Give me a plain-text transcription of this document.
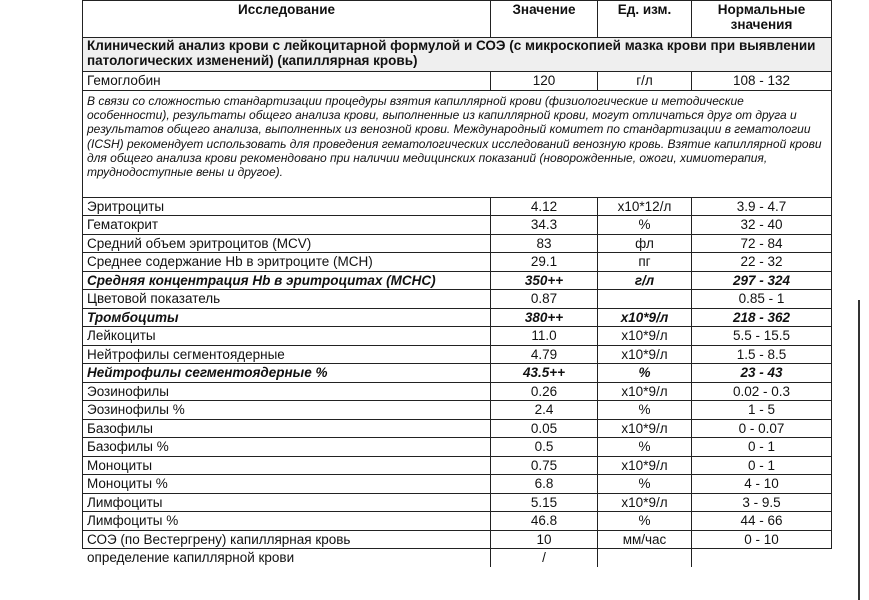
Исследование	Значение	Ед. изм.	Нормальные значения
Клинический анализ крови с лейкоцитарной формулой и СОЭ (с микроскопией мазка крови при выявлении патологических изменений) (капиллярная кровь)			
Гемоглобин	120	г/л	108 - 132
В связи со сложностью стандартизации процедуры взятия капиллярной крови (физиологические и методические особенности), результаты общего анализа крови, выполненные из капиллярной крови, могут отличаться друг от друга и результатов общего анализа, выполненных из венозной крови. Международный комитет по стандартизации в гематологии (ICSH) рекомендует использовать для проведения гематологических исследований венозную кровь. Взятие капиллярной крови для общего анализа крови рекомендовано при наличии медицинских показаний (новорожденные, ожоги, химиотерапия, труднодоступные вены и другое).			
Эритроциты	4.12	x10*12/л	3.9 - 4.7
Гематокрит	34.3	%	32 - 40
Средний объем эритроцитов (MCV)	83	фл	72 - 84
Среднее содержание Hb в эритроците (MCH)	29.1	пг	22 - 32
Средняя концентрация Hb в эритроцитах (MCHC)	350++	г/л	297 - 324
Цветовой показатель	0.87		0.85 - 1
Тромбоциты	380++	x10*9/л	218 - 362
Лейкоциты	11.0	x10*9/л	5.5 - 15.5
Нейтрофилы сегментоядерные	4.79	x10*9/л	1.5 - 8.5
Нейтрофилы сегментоядерные %	43.5++	%	23 - 43
Эозинофилы	0.26	x10*9/л	0.02 - 0.3
Эозинофилы %	2.4	%	1 - 5
Базофилы	0.05	x10*9/л	0 - 0.07
Базофилы %	0.5	%	0 - 1
Моноциты	0.75	x10*9/л	0 - 1
Моноциты %	6.8	%	4 - 10
Лимфоциты	5.15	x10*9/л	3 - 9.5
Лимфоциты %	46.8	%	44 - 66
СОЭ (по Вестергрену) капиллярная кровь	10	мм/час	0 - 10
определение капиллярной крови	/		
